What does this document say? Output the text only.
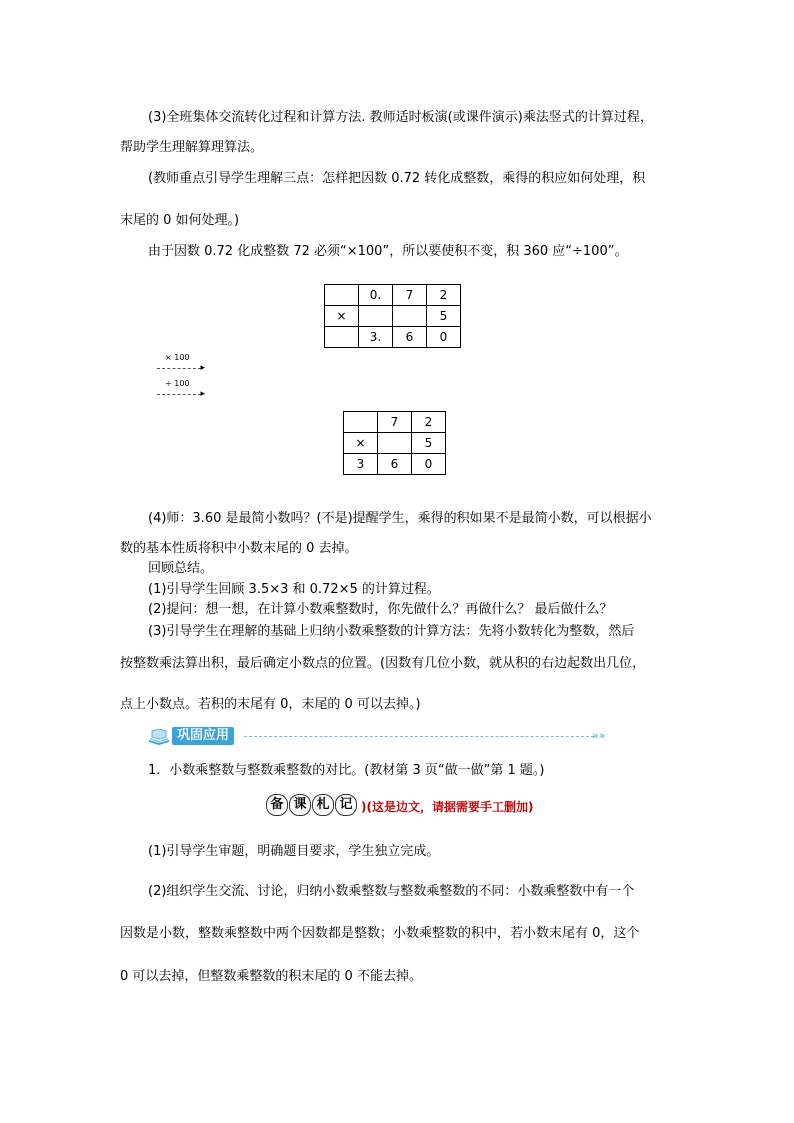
(3)全班集体交流转化过程和计算方法. 教师适时板演(或课件演示)乘法竖式的计算过程，
帮助学生理解算理算法。
(教师重点引导学生理解三点：怎样把因数 0.72 转化成整数，乘得的积应如何处理，积
末尾的 0 如何处理。)
由于因数 0.72 化成整数 72 必须“×100”，所以要使积不变，积 360 应“÷100”。
	0.	7	2
×			5
	3.	6	0
× 100
▸
÷ 100
▸
	7	2
×		5
3	6	0
(4)师：3.60 是最简小数吗？(不是)提醒学生，乘得的积如果不是最简小数，可以根据小
数的基本性质将积中小数末尾的 0 去掉。
回顾总结。
(1)引导学生回顾 3.5×3 和 0.72×5 的计算过程。
(2)提问：想一想，在计算小数乘整数时，你先做什么？再做什么？ 最后做什么？
(3)引导学生在理解的基础上归纳小数乘整数的计算方法：先将小数转化为整数，然后
按整数乘法算出积，最后确定小数点的位置。(因数有几位小数，就从积的右边起数出几位，
点上小数点。若积的末尾有 0，末尾的 0 可以去掉。)
巩固应用	»»
1．小数乘整数与整数乘整数的对比。(教材第 3 页“做一做”第 1 题。)
备 课 札 记 )(这是边文，请据需要手工删加)
(1)引导学生审题，明确题目要求，学生独立完成。
(2)组织学生交流、讨论，归纳小数乘整数与整数乘整数的不同：小数乘整数中有一个
因数是小数，整数乘整数中两个因数都是整数；小数乘整数的积中，若小数末尾有 0，这个
0 可以去掉，但整数乘整数的积末尾的 0 不能去掉。
